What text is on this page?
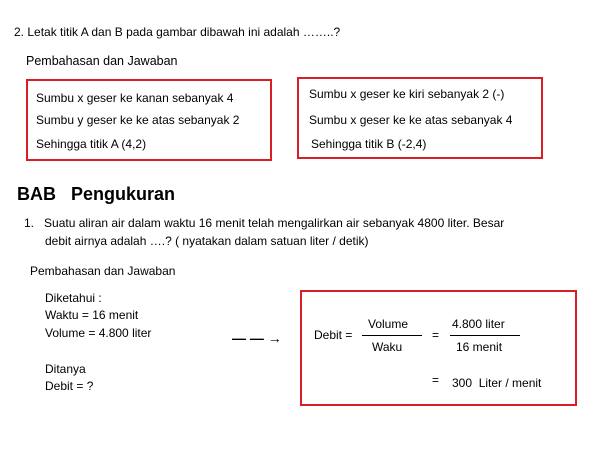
2. Letak titik A dan B pada gambar dibawah ini adalah ……..?
Pembahasan dan Jawaban
Sumbu x geser ke kanan sebanyak 4
Sumbu y geser ke ke atas sebanyak 2
Sehingga titik A (4,2)
Sumbu x geser ke kiri sebanyak 2 (-)
Sumbu x geser ke ke atas sebanyak 4
Sehingga titik B (-2,4)
BAB   Pengukuran
1.   Suatu aliran air dalam waktu 16 menit telah mengalirkan air sebanyak 4800 liter. Besar
debit airnya adalah ….? ( nyatakan dalam satuan liter / detik)
Pembahasan dan Jawaban
Diketahui :
Waktu = 16 menit
Volume = 4.800 liter
Ditanya
Debit = ?
— — →	Debit =
Volume
Waku
=
4.800 liter
16 menit
= 300  Liter / menit
